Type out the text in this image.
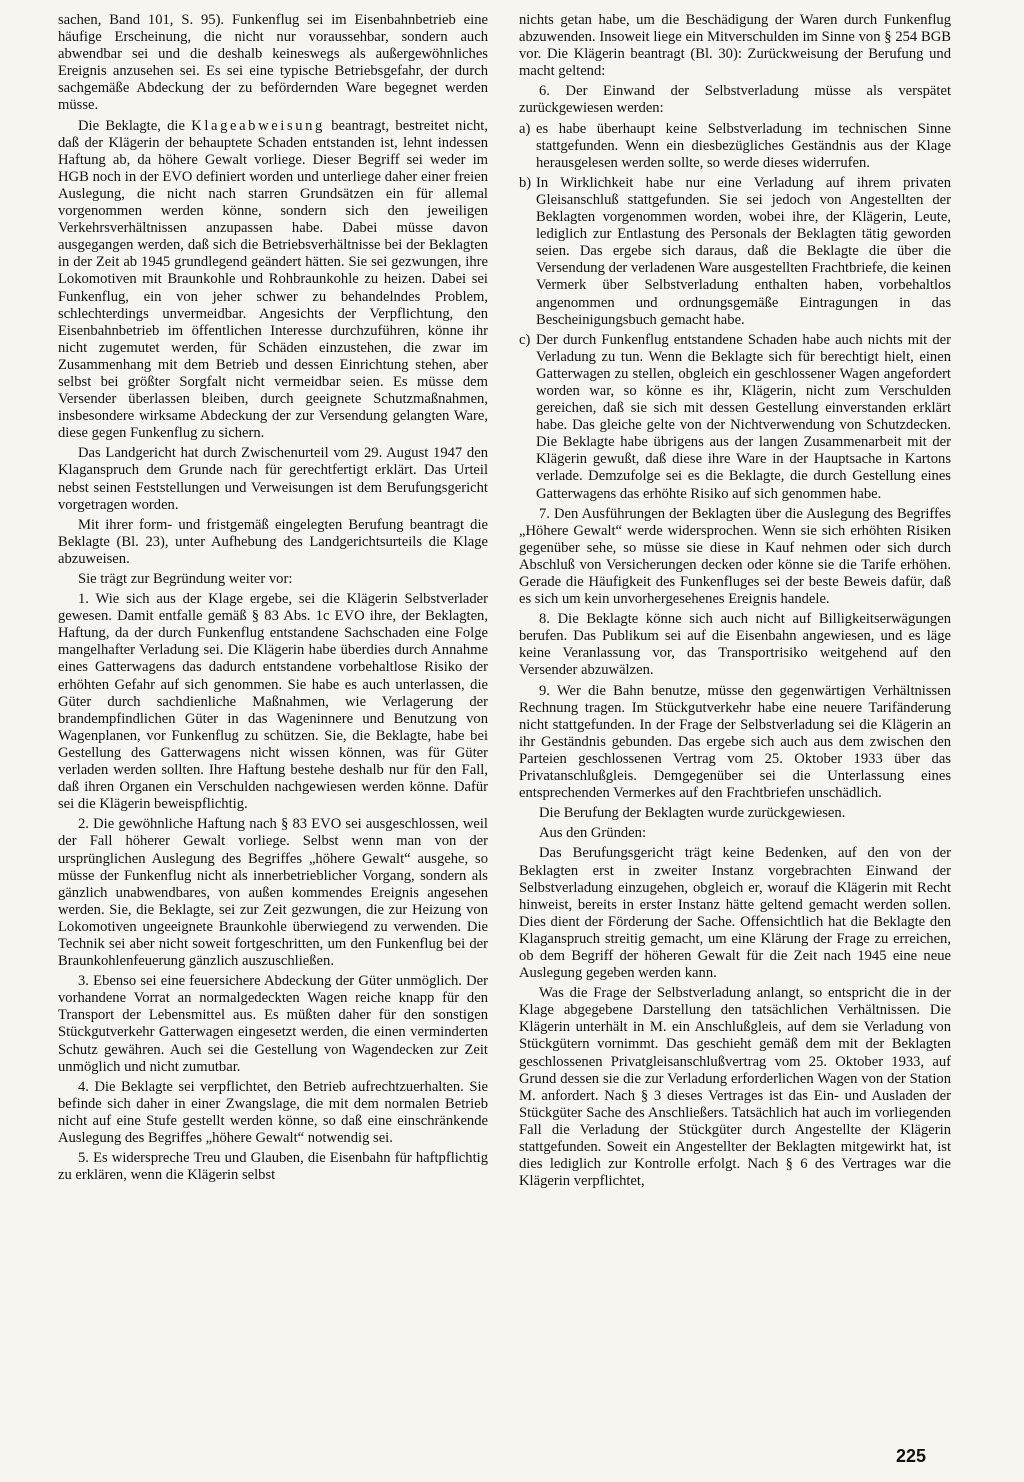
sachen, Band 101, S. 95). Funkenflug sei im Eisenbahnbetrieb eine häufige Erscheinung, die nicht nur voraussehbar, sondern auch abwendbar sei und die deshalb keineswegs als außergewöhnliches Ereignis anzusehen sei. Es sei eine typische Betriebsgefahr, der durch sachgemäße Abdeckung der zu befördernden Ware begegnet werden müsse.

Die Beklagte, die Klageabweisung beantragt, bestreitet nicht, daß der Klägerin der behauptete Schaden entstanden ist, lehnt indessen Haftung ab, da höhere Gewalt vorliege. Dieser Begriff sei weder im HGB noch in der EVO definiert worden und unterliege daher einer freien Auslegung, die nicht nach starren Grundsätzen ein für allemal vorgenommen werden könne, sondern sich den jeweiligen Verkehrsverhältnissen anzupassen habe. Dabei müsse davon ausgegangen werden, daß sich die Betriebsverhältnisse bei der Beklagten in der Zeit ab 1945 grundlegend geändert hätten. Sie sei gezwungen, ihre Lokomotiven mit Braunkohle und Rohbraunkohle zu heizen. Dabei sei Funkenflug, ein von jeher schwer zu behandelndes Problem, schlechterdings unvermeidbar. Angesichts der Verpflichtung, den Eisenbahnbetrieb im öffentlichen Interesse durchzuführen, könne ihr nicht zugemutet werden, für Schäden einzustehen, die zwar im Zusammenhang mit dem Betrieb und dessen Einrichtung stehen, aber selbst bei größter Sorgfalt nicht vermeidbar seien. Es müsse dem Versender überlassen bleiben, durch geeignete Schutzmaßnahmen, insbesondere wirksame Abdeckung der zur Versendung gelangten Ware, diese gegen Funkenflug zu sichern.

Das Landgericht hat durch Zwischenurteil vom 29. August 1947 den Klaganspruch dem Grunde nach für gerechtfertigt erklärt. Das Urteil nebst seinen Feststellungen und Verweisungen ist dem Berufungsgericht vorgetragen worden.

Mit ihrer form- und fristgemäß eingelegten Berufung beantragt die Beklagte (Bl. 23), unter Aufhebung des Landgerichtsurteils die Klage abzuweisen.

Sie trägt zur Begründung weiter vor:

1. Wie sich aus der Klage ergebe, sei die Klägerin Selbstverlader gewesen. Damit entfalle gemäß § 83 Abs. 1c EVO ihre, der Beklagten, Haftung, da der durch Funkenflug entstandene Sachschaden eine Folge mangelhafter Verladung sei. Die Klägerin habe überdies durch Annahme eines Gatterwagens das dadurch entstandene vorbehaltlose Risiko der erhöhten Gefahr auf sich genommen. Sie habe es auch unterlassen, die Güter durch sachdienliche Maßnahmen, wie Verlagerung der brandempfindlichen Güter in das Wageninnere und Benutzung von Wagenplanen, vor Funkenflug zu schützen. Sie, die Beklagte, habe bei Gestellung des Gatterwagens nicht wissen können, was für Güter verladen werden sollten. Ihre Haftung bestehe deshalb nur für den Fall, daß ihren Organen ein Verschulden nachgewiesen werden könne. Dafür sei die Klägerin beweispflichtig.

2. Die gewöhnliche Haftung nach § 83 EVO sei ausgeschlossen, weil der Fall höherer Gewalt vorliege. Selbst wenn man von der ursprünglichen Auslegung des Begriffes „höhere Gewalt“ ausgehe, so müsse der Funkenflug nicht als innerbetrieblicher Vorgang, sondern als gänzlich unabwendbares, von außen kommendes Ereignis angesehen werden. Sie, die Beklagte, sei zur Zeit gezwungen, die zur Heizung von Lokomotiven ungeeignete Braunkohle überwiegend zu verwenden. Die Technik sei aber nicht soweit fortgeschritten, um den Funkenflug bei der Braunkohlenfeuerung gänzlich auszuschließen.

3. Ebenso sei eine feuersichere Abdeckung der Güter unmöglich. Der vorhandene Vorrat an normalgedeckten Wagen reiche knapp für den Transport der Lebensmittel aus. Es müßten daher für den sonstigen Stückgutverkehr Gatterwagen eingesetzt werden, die einen verminderten Schutz gewähren. Auch sei die Gestellung von Wagendecken zur Zeit unmöglich und nicht zumutbar.

4. Die Beklagte sei verpflichtet, den Betrieb aufrechtzuerhalten. Sie befinde sich daher in einer Zwangslage, die mit dem normalen Betrieb nicht auf eine Stufe gestellt werden könne, so daß eine einschränkende Auslegung des Begriffes „höhere Gewalt“ notwendig sei.

5. Es widerspreche Treu und Glauben, die Eisenbahn für haftpflichtig zu erklären, wenn die Klägerin selbst

nichts getan habe, um die Beschädigung der Waren durch Funkenflug abzuwenden. Insoweit liege ein Mitverschulden im Sinne von § 254 BGB vor. Die Klägerin beantragt (Bl. 30): Zurückweisung der Berufung und macht geltend:

6. Der Einwand der Selbstverladung müsse als verspätet zurückgewiesen werden:

a) es habe überhaupt keine Selbstverladung im technischen Sinne stattgefunden. Wenn ein diesbezügliches Geständnis aus der Klage herausgelesen werden sollte, so werde dieses widerrufen.

b) In Wirklichkeit habe nur eine Verladung auf ihrem privaten Gleisanschluß stattgefunden. Sie sei jedoch von Angestellten der Beklagten vorgenommen worden, wobei ihre, der Klägerin, Leute, lediglich zur Entlastung des Personals der Beklagten tätig geworden seien. Das ergebe sich daraus, daß die Beklagte die über die Versendung der verladenen Ware ausgestellten Frachtbriefe, die keinen Vermerk über Selbstverladung enthalten haben, vorbehaltlos angenommen und ordnungsgemäße Eintragungen in das Bescheinigungsbuch gemacht habe.

c) Der durch Funkenflug entstandene Schaden habe auch nichts mit der Verladung zu tun. Wenn die Beklagte sich für berechtigt hielt, einen Gatterwagen zu stellen, obgleich ein geschlossener Wagen angefordert worden war, so könne es ihr, Klägerin, nicht zum Verschulden gereichen, daß sie sich mit dessen Gestellung einverstanden erklärt habe. Das gleiche gelte von der Nichtverwendung von Schutzdecken. Die Beklagte habe übrigens aus der langen Zusammenarbeit mit der Klägerin gewußt, daß diese ihre Ware in der Hauptsache in Kartons verlade. Demzufolge sei es die Beklagte, die durch Gestellung eines Gatterwagens das erhöhte Risiko auf sich genommen habe.

7. Den Ausführungen der Beklagten über die Auslegung des Begriffes „Höhere Gewalt“ werde widersprochen. Wenn sie sich erhöhten Risiken gegenüber sehe, so müsse sie diese in Kauf nehmen oder sich durch Abschluß von Versicherungen decken oder könne sie die Tarife erhöhen. Gerade die Häufigkeit des Funkenfluges sei der beste Beweis dafür, daß es sich um kein unvorhergesehenes Ereignis handele.

8. Die Beklagte könne sich auch nicht auf Billigkeitserwägungen berufen. Das Publikum sei auf die Eisenbahn angewiesen, und es läge keine Veranlassung vor, das Transportrisiko weitgehend auf den Versender abzuwälzen.

9. Wer die Bahn benutze, müsse den gegenwärtigen Verhältnissen Rechnung tragen. Im Stückgutverkehr habe eine neuere Tarifänderung nicht stattgefunden. In der Frage der Selbstverladung sei die Klägerin an ihr Geständnis gebunden. Das ergebe sich auch aus dem zwischen den Parteien geschlossenen Vertrag vom 25. Oktober 1933 über das Privatanschlußgleis. Demgegenüber sei die Unterlassung eines entsprechenden Vermerkes auf den Frachtbriefen unschädlich.

Die Berufung der Beklagten wurde zurückgewiesen.

Aus den Gründen:

Das Berufungsgericht trägt keine Bedenken, auf den von der Beklagten erst in zweiter Instanz vorgebrachten Einwand der Selbstverladung einzugehen, obgleich er, worauf die Klägerin mit Recht hinweist, bereits in erster Instanz hätte geltend gemacht werden sollen. Dies dient der Förderung der Sache. Offensichtlich hat die Beklagte den Klaganspruch streitig gemacht, um eine Klärung der Frage zu erreichen, ob dem Begriff der höheren Gewalt für die Zeit nach 1945 eine neue Auslegung gegeben werden kann.

Was die Frage der Selbstverladung anlangt, so entspricht die in der Klage abgegebene Darstellung den tatsächlichen Verhältnissen. Die Klägerin unterhält in M. ein Anschlußgleis, auf dem sie Verladung von Stückgütern vornimmt. Das geschieht gemäß dem mit der Beklagten geschlossenen Privatgleisanschlußvertrag vom 25. Oktober 1933, auf Grund dessen sie die zur Verladung erforderlichen Wagen von der Station M. anfordert. Nach § 3 dieses Vertrages ist das Ein- und Ausladen der Stückgüter Sache des Anschließers. Tatsächlich hat auch im vorliegenden Fall die Verladung der Stückgüter durch Angestellte der Klägerin stattgefunden. Soweit ein Angestellter der Beklagten mitgewirkt hat, ist dies lediglich zur Kontrolle erfolgt. Nach § 6 des Vertrages war die Klägerin verpflichtet,

225
